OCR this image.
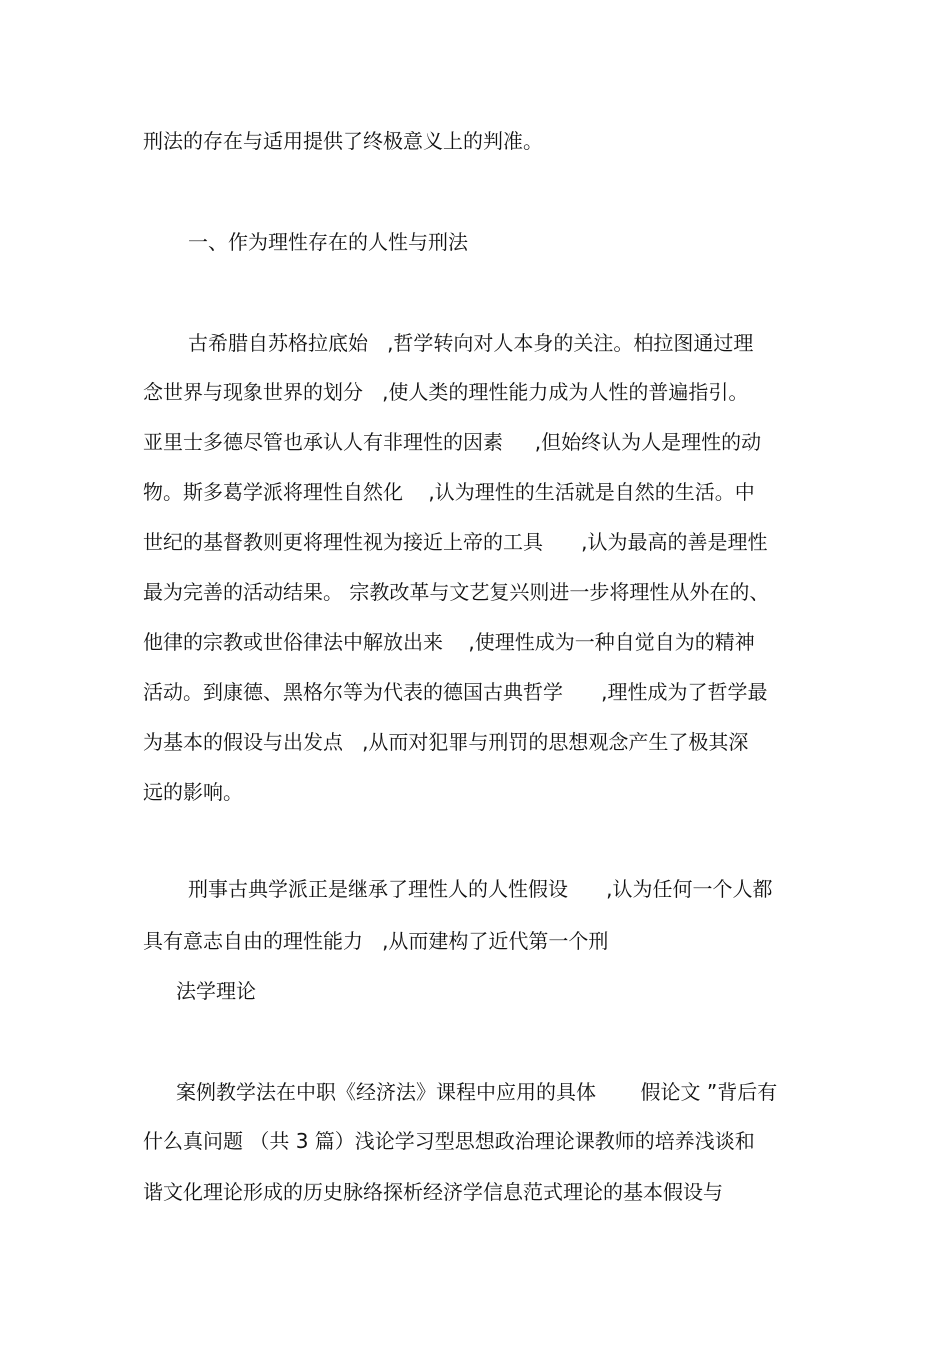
刑法的存在与适用提供了终极意义上的判准。

一、作为理性存在的人性与刑法

古希腊自苏格拉底始   ,哲学转向对人本身的关注。柏拉图通过理

念世界与现象世界的划分   ,使人类的理性能力成为人性的普遍指引。

亚里士多德尽管也承认人有非理性的因素     ,但始终认为人是理性的动

物。斯多葛学派将理性自然化    ,认为理性的生活就是自然的生活。中

世纪的基督教则更将理性视为接近上帝的工具      ,认为最高的善是理性

最为完善的活动结果。 宗教改革与文艺复兴则进一步将理性从外在的、

他律的宗教或世俗律法中解放出来    ,使理性成为一种自觉自为的精神

活动。到康德、黑格尔等为代表的德国古典哲学      ,理性成为了哲学最

为基本的假设与出发点   ,从而对犯罪与刑罚的思想观念产生了极其深

远的影响。

刑事古典学派正是继承了理性人的人性假设      ,认为任何一个人都

具有意志自由的理性能力   ,从而建构了近代第一个刑

法学理论

案例教学法在中职《经济法》课程中应用的具体       假论文 ”背后有

什么真问题 （共 3 篇）浅论学习型思想政治理论课教师的培养浅谈和

谐文化理论形成的历史脉络探析经济学信息范式理论的基本假设与
